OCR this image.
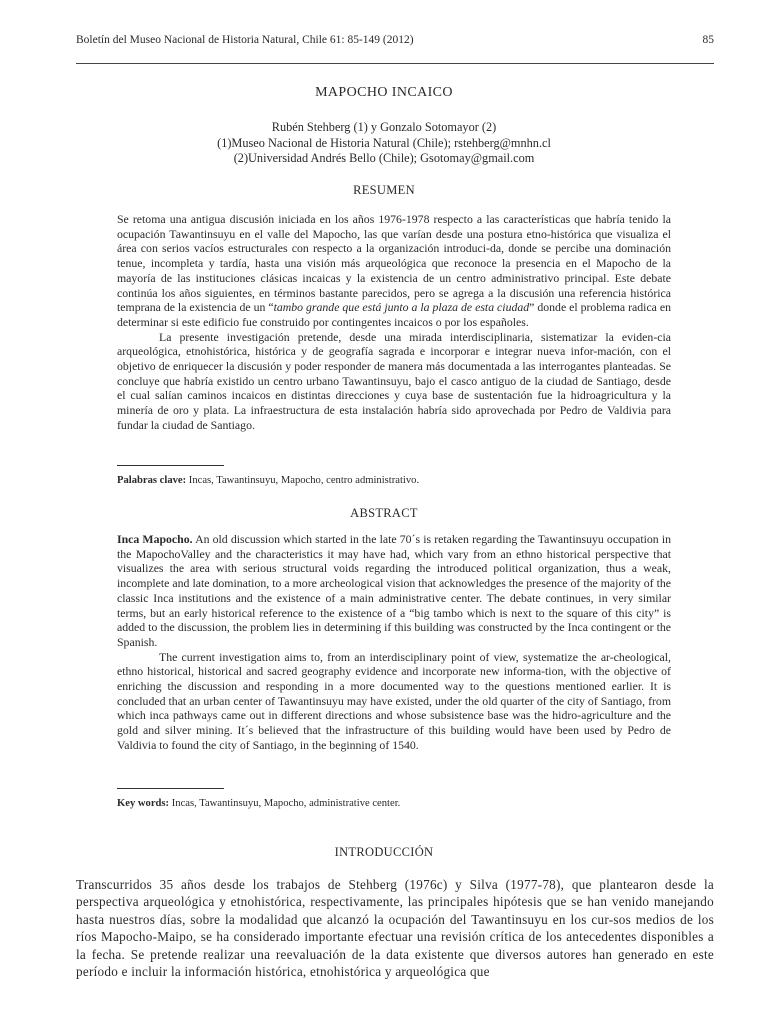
Boletín del Museo Nacional de Historia Natural, Chile 61: 85-149 (2012)	85
MAPOCHO INCAICO
Rubén Stehberg (1) y Gonzalo Sotomayor (2)
(1)Museo Nacional de Historia Natural (Chile); rstehberg@mnhn.cl
(2)Universidad Andrés Bello (Chile); Gsotomay@gmail.com
RESUMEN

Se retoma una antigua discusión iniciada en los años 1976-1978 respecto a las características que habría tenido la ocupación Tawantinsuyu en el valle del Mapocho, las que varían desde una postura etno-histórica que visualiza el área con serios vacíos estructurales con respecto a la organización introduci-da, donde se percibe una dominación tenue, incompleta y tardía, hasta una visión más arqueológica que reconoce la presencia en el Mapocho de la mayoría de las instituciones clásicas incaicas y la existencia de un centro administrativo principal. Este debate continúa los años siguientes, en términos bastante parecidos, pero se agrega a la discusión una referencia histórica temprana de la existencia de un “tambo grande que está junto a la plaza de esta ciudad” donde el problema radica en determinar si este edificio fue construido por contingentes incaicos o por los españoles.

La presente investigación pretende, desde una mirada interdisciplinaria, sistematizar la eviden-cia arqueológica, etnohistórica, histórica y de geografía sagrada e incorporar e integrar nueva infor-mación, con el objetivo de enriquecer la discusión y poder responder de manera más documentada a las interrogantes planteadas. Se concluye que habría existido un centro urbano Tawantinsuyu, bajo el casco antiguo de la ciudad de Santiago, desde el cual salían caminos incaicos en distintas direcciones y cuya base de sustentación fue la hidroagricultura y la minería de oro y plata. La infraestructura de esta instalación habría sido aprovechada por Pedro de Valdivia para fundar la ciudad de Santiago.

Palabras clave: Incas, Tawantinsuyu, Mapocho, centro administrativo.
ABSTRACT

Inca Mapocho. An old discussion which started in the late 70´s is retaken regarding the Tawantinsuyu occupation in the MapochoValley and the characteristics it may have had, which vary from an ethno historical perspective that visualizes the area with serious structural voids regarding the introduced political organization, thus a weak, incomplete and late domination, to a more archeological vision that acknowledges the presence of the majority of the classic Inca institutions and the existence of a main administrative center. The debate continues, in very similar terms, but an early historical reference to the existence of a “big tambo which is next to the square of this city” is added to the discussion, the problem lies in determining if this building was constructed by the Inca contingent or the Spanish.

The current investigation aims to, from an interdisciplinary point of view, systematize the ar-cheological, ethno historical, historical and sacred geography evidence and incorporate new informa-tion, with the objective of enriching the discussion and responding in a more documented way to the questions mentioned earlier. It is concluded that an urban center of Tawantinsuyu may have existed, under the old quarter of the city of Santiago, from which inca pathways came out in different directions and whose subsistence base was the hidro-agriculture and the gold and silver mining. It´s believed that the infrastructure of this building would have been used by Pedro de Valdivia to found the city of Santiago, in the beginning of 1540.

Key words: Incas, Tawantinsuyu, Mapocho, administrative center.
INTRODUCCIÓN

Transcurridos 35 años desde los trabajos de Stehberg (1976c) y Silva (1977-78), que plantearon desde la perspectiva arqueológica y etnohistórica, respectivamente, las principales hipótesis que se han venido manejando hasta nuestros días, sobre la modalidad que alcanzó la ocupación del Tawantinsuyu en los cur-sos medios de los ríos Mapocho-Maipo, se ha considerado importante efectuar una revisión crítica de los antecedentes disponibles a la fecha. Se pretende realizar una reevaluación de la data existente que diversos autores han generado en este período e incluir la información histórica, etnohistórica y arqueológica que
